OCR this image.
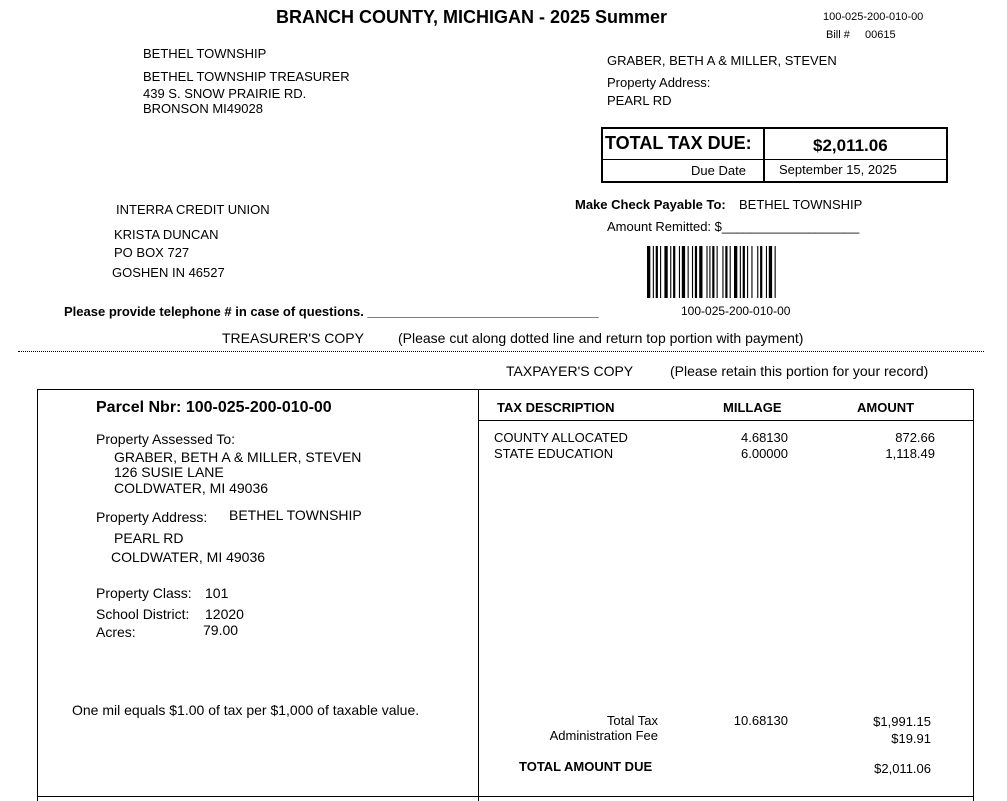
BRANCH COUNTY, MICHIGAN - 2025 Summer	100-025-200-010-00
Bill # 00615
BETHEL TOWNSHIP
BETHEL TOWNSHIP TREASURER
439 S. SNOW PRAIRIE RD.
BRONSON MI49028
GRABER, BETH A & MILLER, STEVEN
Property Address:
PEARL RD
TOTAL TAX DUE:	$2,011.06
Due Date	September 15, 2025
INTERRA CREDIT UNION
KRISTA DUNCAN
PO BOX 727
GOSHEN IN 46527
Make Check Payable To: BETHEL TOWNSHIP
Amount Remitted: $___________________
100-025-200-010-00
Please provide telephone # in case of questions. ________________________________
TREASURER'S COPY (Please cut along dotted line and return top portion with payment)
TAXPAYER'S COPY	(Please retain this portion for your record)
Parcel Nbr: 100-025-200-010-00
Property Assessed To:
GRABER, BETH A & MILLER, STEVEN
126 SUSIE LANE
COLDWATER, MI 49036
Property Address: BETHEL TOWNSHIP
PEARL RD
COLDWATER, MI 49036
Property Class: 101
School District: 12020
Acres:	79.00
One mil equals $1.00 of tax per $1,000 of taxable value.
TAX DESCRIPTION	MILLAGE	AMOUNT
COUNTY ALLOCATED	4.68130	872.66
STATE EDUCATION	6.00000	1,118.49
Total Tax	10.68130	$1,991.15
Administration Fee	$19.91
TOTAL AMOUNT DUE	$2,011.06
